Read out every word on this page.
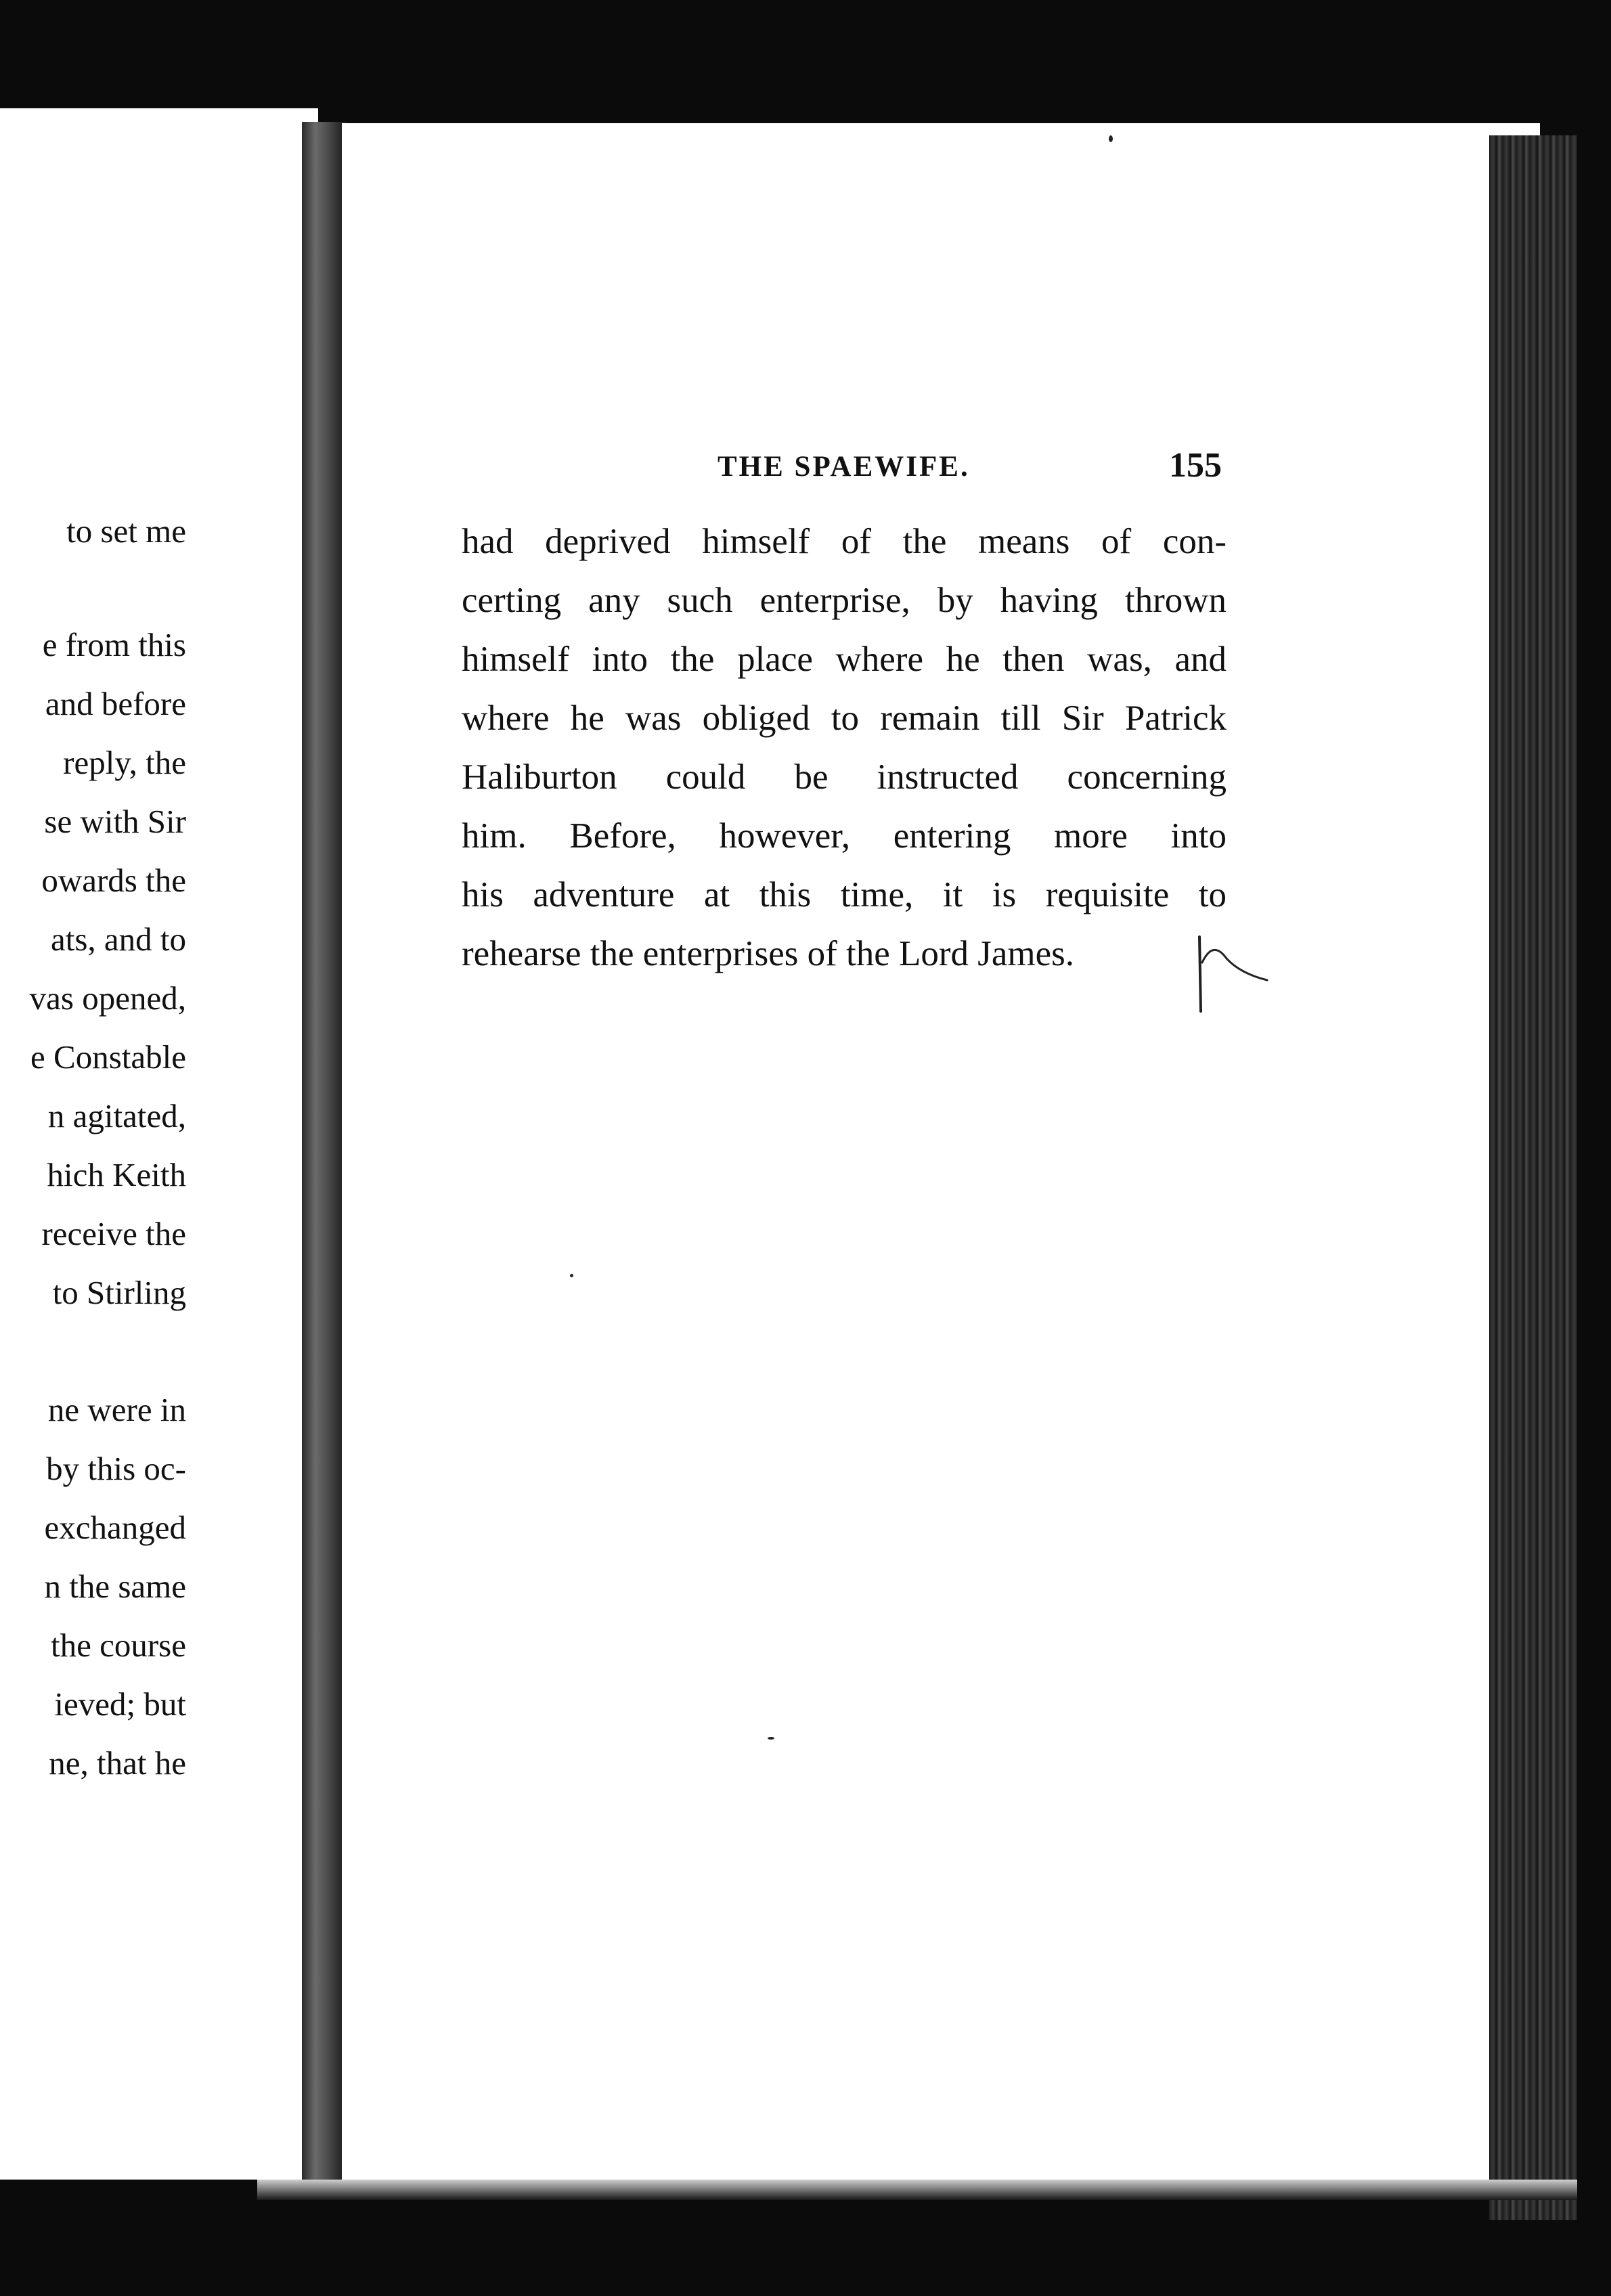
to set me

e from this

and before

reply, the

se with Sir

owards the

ats, and to

vas opened,

e Constable

n agitated,

hich Keith

receive the

to Stirling

ne were in

by this oc-

exchanged

n the same

the course

ieved; but

ne, that he

THE SPAEWIFE.	155

had deprived himself of the means of con-
certing any such enterprise, by having thrown
himself into the place where he then was, and
where he was obliged to remain till Sir Patrick
Haliburton could be instructed concerning
him. Before, however, entering more into
his adventure at this time, it is requisite to
rehearse the enterprises of the Lord James.
